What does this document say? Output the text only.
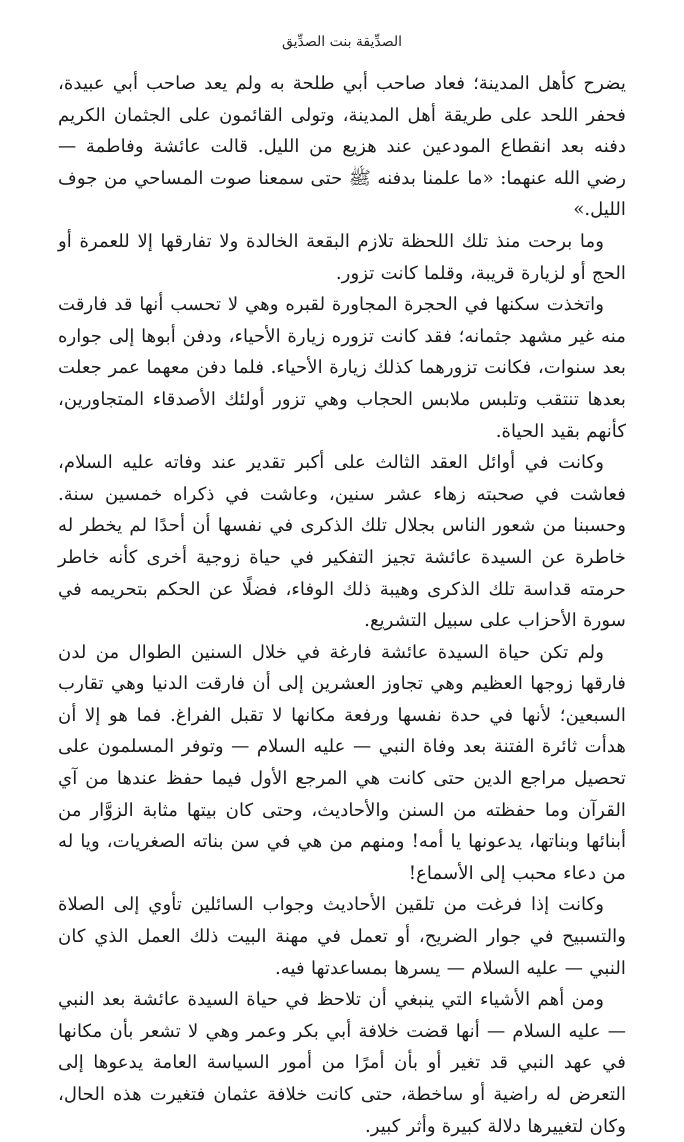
الصدِّيقة بنت الصدِّيق

يضرح كأهل المدينة؛ فعاد صاحب أبي طلحة به ولم يعد صاحب أبي عبيدة، فحفر اللحد على طريقة أهل المدينة، وتولى القائمون على الجثمان الكريم دفنه بعد انقطاع المودعين عند هزيع من الليل. قالت عائشة وفاطمة — رضي الله عنهما: «ما علمنا بدفنه ﷺ حتى سمعنا صوت المساحي من جوف الليل.»

وما برحت منذ تلك اللحظة تلازم البقعة الخالدة ولا تفارقها إلا للعمرة أو الحج أو لزيارة قريبة، وقلما كانت تزور.

واتخذت سكنها في الحجرة المجاورة لقبره وهي لا تحسب أنها قد فارقت منه غير مشهد جثمانه؛ فقد كانت تزوره زيارة الأحياء، ودفن أبوها إلى جواره بعد سنوات، فكانت تزورهما كذلك زيارة الأحياء. فلما دفن معهما عمر جعلت بعدها تنتقب وتلبس ملابس الحجاب وهي تزور أولئك الأصدقاء المتجاورين، كأنهم بقيد الحياة.

وكانت في أوائل العقد الثالث على أكبر تقدير عند وفاته عليه السلام، فعاشت في صحبته زهاء عشر سنين، وعاشت في ذكراه خمسين سنة. وحسبنا من شعور الناس بجلال تلك الذكرى في نفسها أن أحدًا لم يخطر له خاطرة عن السيدة عائشة تجيز التفكير في حياة زوجية أخرى كأنه خاطر حرمته قداسة تلك الذكرى وهيبة ذلك الوفاء، فضلًا عن الحكم بتحريمه في سورة الأحزاب على سبيل التشريع.

ولم تكن حياة السيدة عائشة فارغة في خلال السنين الطوال من لدن فارقها زوجها العظيم وهي تجاوز العشرين إلى أن فارقت الدنيا وهي تقارب السبعين؛ لأنها في حدة نفسها ورفعة مكانها لا تقبل الفراغ. فما هو إلا أن هدأت ثائرة الفتنة بعد وفاة النبي — عليه السلام — وتوفر المسلمون على تحصيل مراجع الدين حتى كانت هي المرجع الأول فيما حفظ عندها من آي القرآن وما حفظته من السنن والأحاديث، وحتى كان بيتها مثابة الزوَّار من أبنائها وبناتها، يدعونها يا أمه! ومنهم من هي في سن بناته الصغريات، ويا له من دعاء محبب إلى الأسماع!

وكانت إذا فرغت من تلقين الأحاديث وجواب السائلين تأوي إلى الصلاة والتسبيح في جوار الضريح، أو تعمل في مهنة البيت ذلك العمل الذي كان النبي — عليه السلام — يسرها بمساعدتها فيه.

ومن أهم الأشياء التي ينبغي أن تلاحظ في حياة السيدة عائشة بعد النبي — عليه السلام — أنها قضت خلافة أبي بكر وعمر وهي لا تشعر بأن مكانها في عهد النبي قد تغير أو بأن أمرًا من أمور السياسة العامة يدعوها إلى التعرض له راضية أو ساخطة، حتى كانت خلافة عثمان فتغيرت هذه الحال، وكان لتغييرها دلالة كبيرة وأثر كبير.
